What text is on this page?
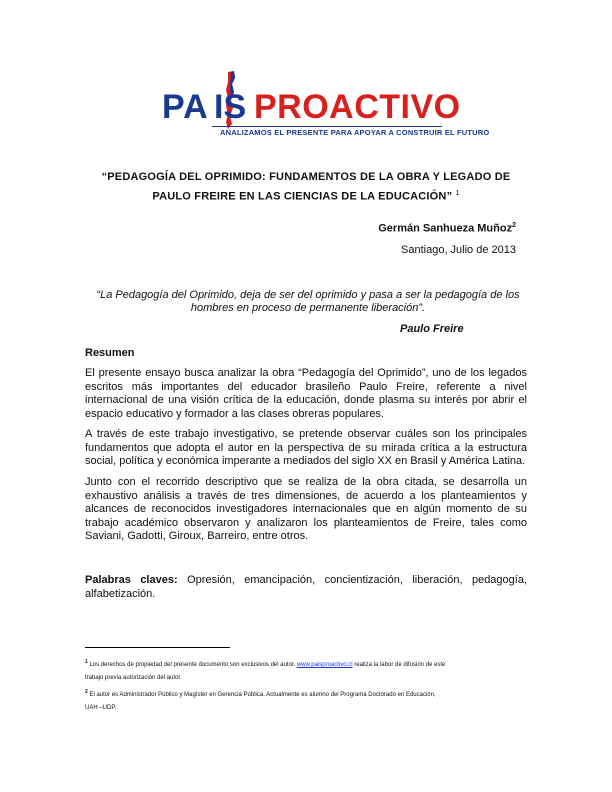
PA IS PROACTIVO
ANALIZAMOS EL PRESENTE PARA APOYAR A CONSTRUIR EL FUTURO
“PEDAGOGÍA DEL OPRIMIDO: FUNDAMENTOS DE LA OBRA Y LEGADO DE
PAULO FREIRE EN LAS CIENCIAS DE LA EDUCACIÓN” $^1$
Germán Sanhueza Muñoz$^2$
Santiago, Julio de 2013
“La Pedagogía del Oprimido, deja de ser del oprimido y pasa a ser la pedagogía de los
hombres en proceso de permanente liberación”.
Paulo Freire
Resumen
El presente ensayo busca analizar la obra “Pedagogía del Oprimido”, uno de los legados escritos más importantes del educador brasileño Paulo Freire, referente a nivel internacional de una visión crítica de la educación, donde plasma su interés por abrir el espacio educativo y formador a las clases obreras populares.
A través de este trabajo investigativo, se pretende observar cuáles son los principales fundamentos que adopta el autor en la perspectiva de su mirada crítica a la estructura social, política y económica imperante a mediados del siglo XX en Brasil y América Latina.
Junto con el recorrido descriptivo que se realiza de la obra citada, se desarrolla un exhaustivo análisis a través de tres dimensiones, de acuerdo a los planteamientos y alcances de reconocidos investigadores internacionales que en algún momento de su trabajo académico observaron y analizaron los planteamientos de Freire, tales como Saviani, Gadotti, Giroux, Barreiro, entre otros.
Palabras claves: Opresión, emancipación, concientización, liberación, pedagogía, alfabetización.
$^1$ Los derechos de propiedad del presente documento son exclusivos del autor. www.paisproactivo.cl realiza la labor de difusión de este
trabajo previa autorización del autor.
$^2$ El autor es Administrador Público y Magíster en Gerencia Pública. Actualmente es alumno del Programa Doctorado en Educación,
UAH –UDP.
